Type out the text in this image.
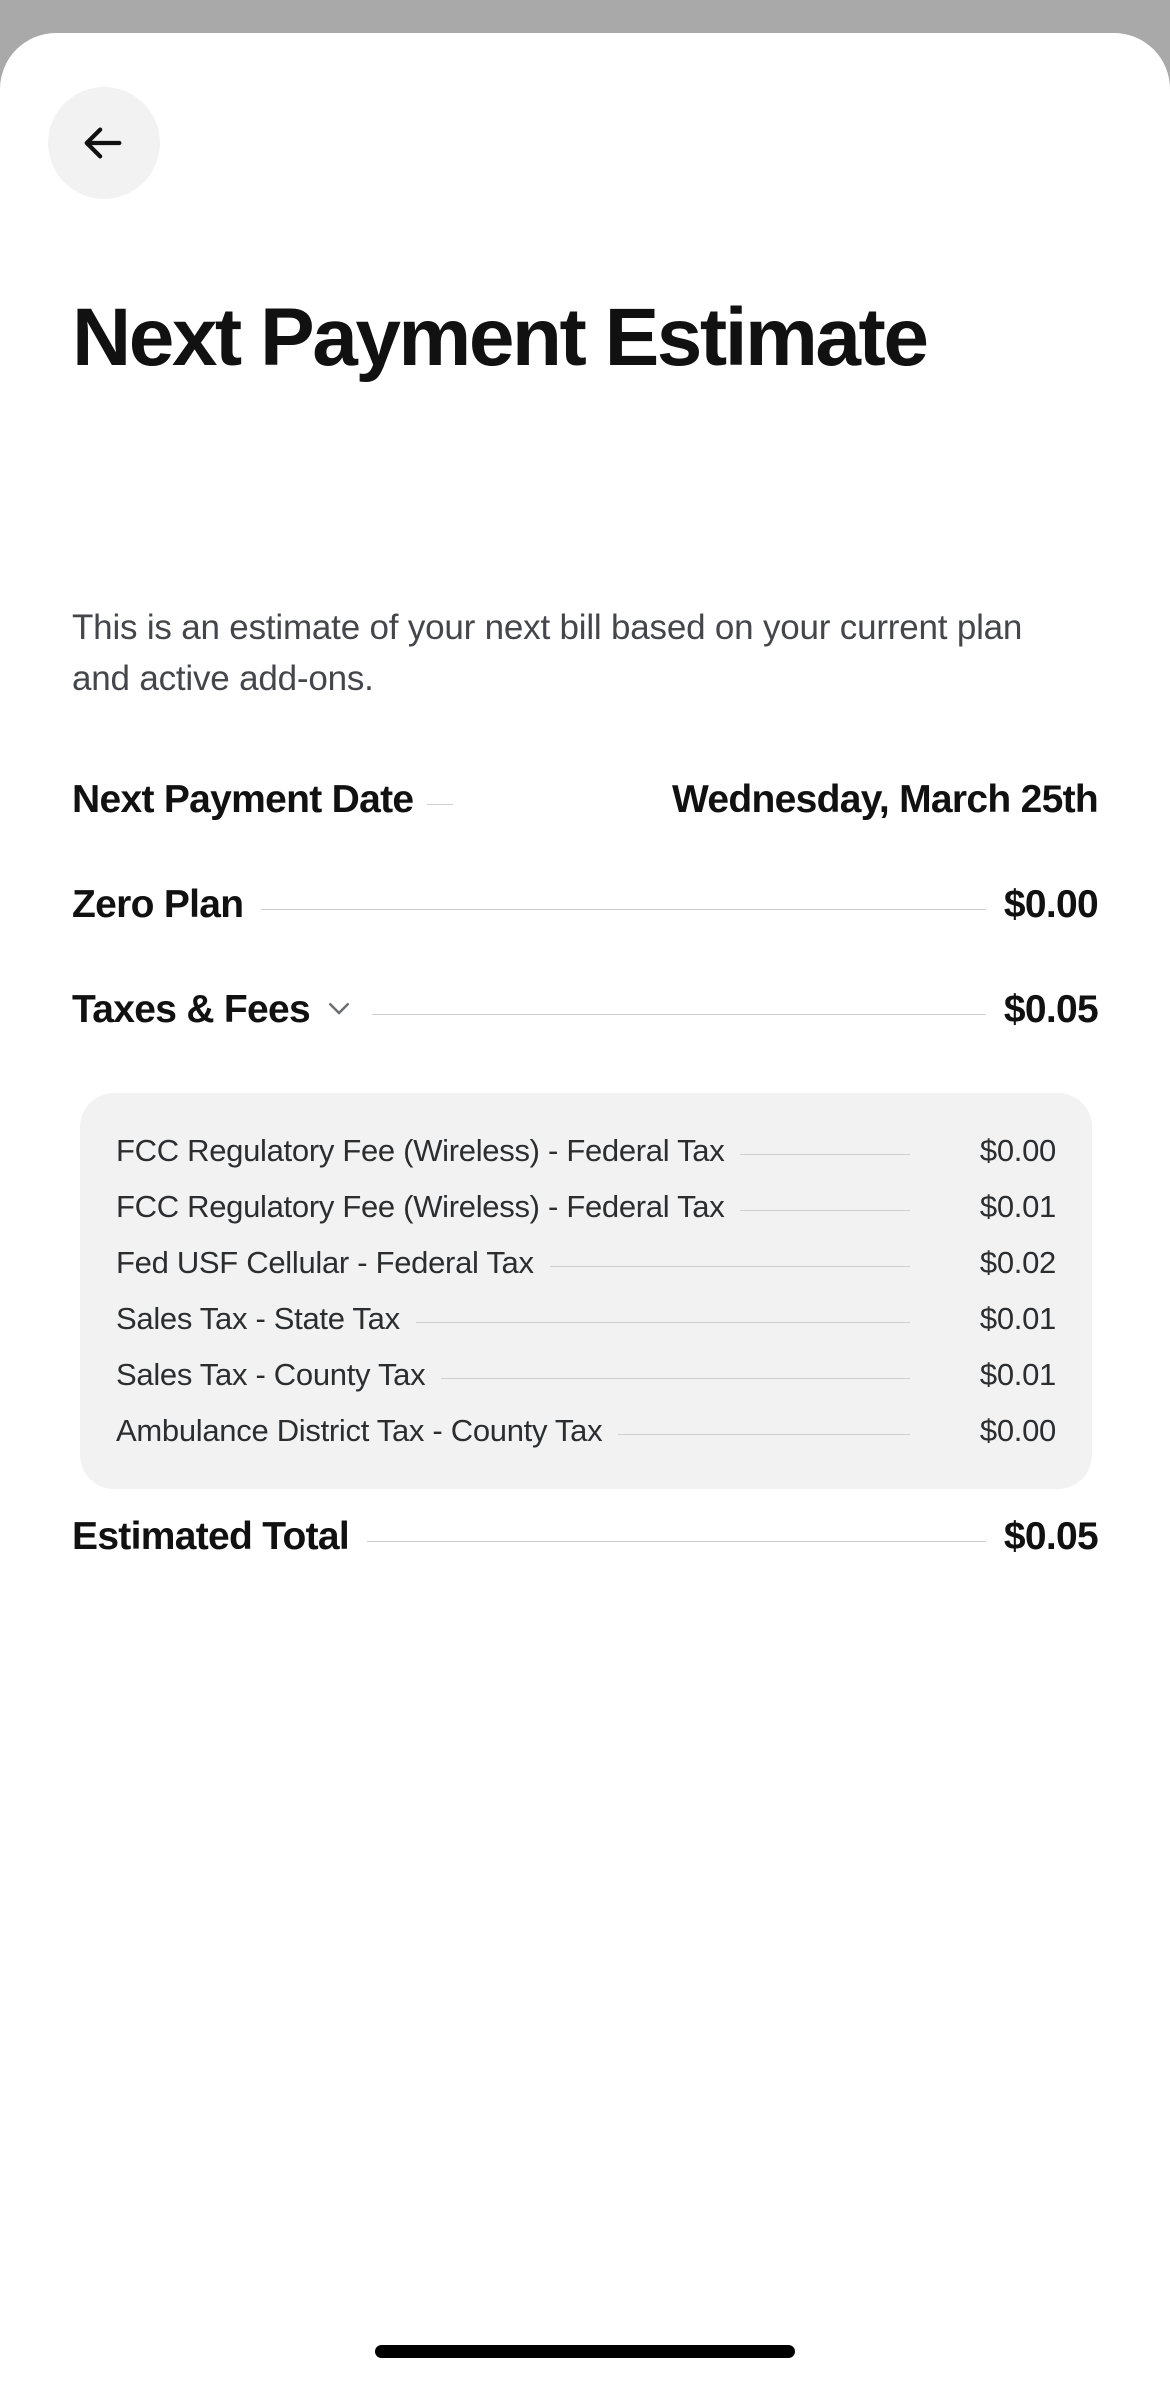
Next Payment Estimate
This is an estimate of your next bill based on your current plan and active add-ons.
Next Payment Date	Wednesday, March 25th
Zero Plan	$0.00
Taxes & Fees	$0.05
FCC Regulatory Fee (Wireless) - Federal Tax	$0.00
FCC Regulatory Fee (Wireless) - Federal Tax	$0.01
Fed USF Cellular - Federal Tax	$0.02
Sales Tax - State Tax	$0.01
Sales Tax - County Tax	$0.01
Ambulance District Tax - County Tax	$0.00
Estimated Total	$0.05
